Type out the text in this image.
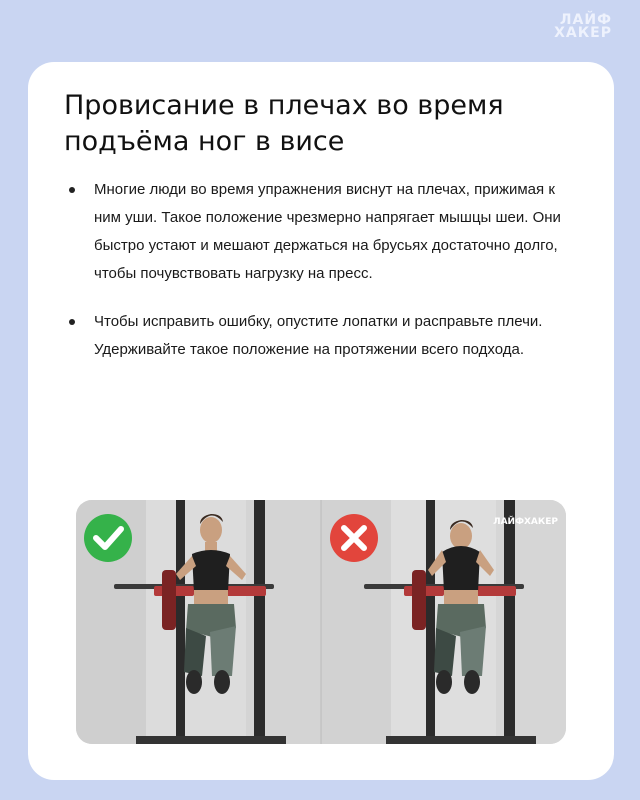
ЛАЙФ
ХАКЕР
Провисание в плечах во время подъёма ног в висе
Многие люди во время упражнения виснут на плечах, прижимая к ним уши. Такое положение чрезмерно напрягает мышцы шеи. Они быстро устают и мешают держаться на брусьях достаточно долго, чтобы почувствовать нагрузку на пресс.
Чтобы исправить ошибку, опустите лопатки и расправьте плечи. Удерживайте такое положение на протяжении всего подхода.
ЛАЙФХАКЕР
